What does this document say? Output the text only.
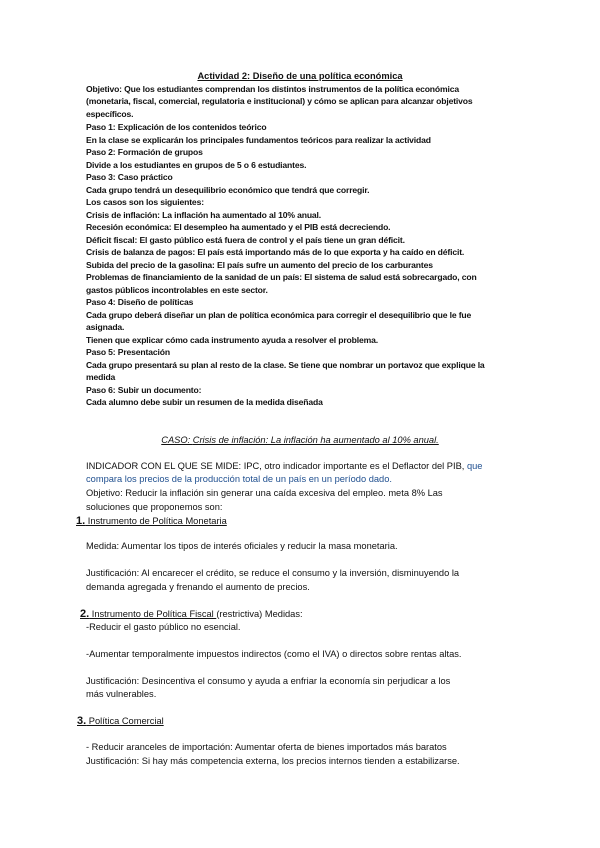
Actividad 2: Diseño de una política económica
Objetivo: Que los estudiantes comprendan los distintos instrumentos de la política económica
(monetaria, fiscal, comercial, regulatoria e institucional) y cómo se aplican para alcanzar objetivos
específicos.
Paso 1: Explicación de los contenidos teórico
En la clase se explicarán los principales fundamentos teóricos para realizar la actividad
Paso 2: Formación de grupos
Divide a los estudiantes en grupos de 5 o 6 estudiantes.
Paso 3: Caso práctico
Cada grupo tendrá un desequilibrio económico que tendrá que corregir.
Los casos son los siguientes:
Crisis de inflación: La inflación ha aumentado al 10% anual.
Recesión económica: El desempleo ha aumentado y el PIB está decreciendo.
Déficit fiscal: El gasto público está fuera de control y el país tiene un gran déficit.
Crisis de balanza de pagos: El país está importando más de lo que exporta y ha caído en déficit.
Subida del precio de la gasolina: El país sufre un aumento del precio de los carburantes
Problemas de financiamiento de la sanidad de un país: El sistema de salud está sobrecargado, con
gastos públicos incontrolables en este sector.
Paso 4: Diseño de políticas
Cada grupo deberá diseñar un plan de política económica para corregir el desequilibrio que le fue
asignada.
Tienen que explicar cómo cada instrumento ayuda a resolver el problema.
Paso 5: Presentación
Cada grupo presentará su plan al resto de la clase. Se tiene que nombrar un portavoz que explique la
medida
Paso 6: Subir un documento:
Cada alumno debe subir un resumen de la medida diseñada
CASO: Crisis de inflación: La inflación ha aumentado al 10% anual.
INDICADOR CON EL QUE SE MIDE: IPC, otro indicador importante es el Deflactor del PIB, que
compara los precios de la producción total de un país en un período dado.
Objetivo: Reducir la inflación sin generar una caída excesiva del empleo. meta 8% Las
soluciones que proponemos son:
1. Instrumento de Política Monetaria
Medida: Aumentar los tipos de interés oficiales y reducir la masa monetaria.
Justificación: Al encarecer el crédito, se reduce el consumo y la inversión, disminuyendo la
demanda agregada y frenando el aumento de precios.
2. Instrumento de Política Fiscal (restrictiva) Medidas:
-Reducir el gasto público no esencial.
-Aumentar temporalmente impuestos indirectos (como el IVA) o directos sobre rentas altas.
Justificación: Desincentiva el consumo y ayuda a enfriar la economía sin perjudicar a los
más vulnerables.
3. Política Comercial
- Reducir aranceles de importación: Aumentar oferta de bienes importados más baratos
Justificación: Si hay más competencia externa, los precios internos tienden a estabilizarse.
